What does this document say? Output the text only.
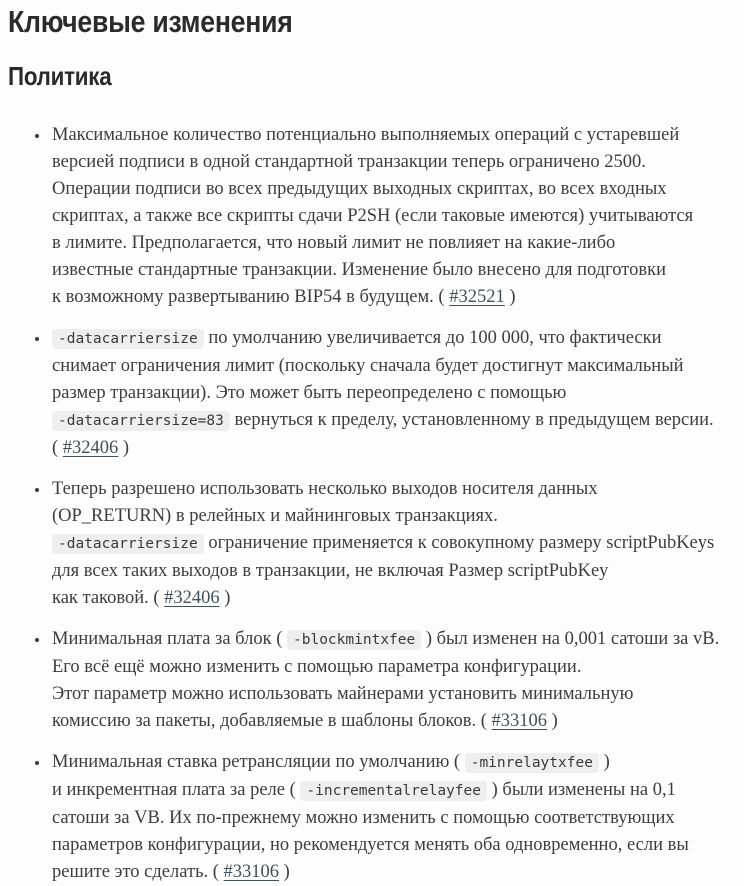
Ключевые изменения
Политика
• Максимальное количество потенциально выполняемых операций с устаревшей
версией подписи в одной стандартной транзакции теперь ограничено 2500.
Операции подписи во всех предыдущих выходных скриптах, во всех входных
скриптах, а также все скрипты сдачи P2SH (если таковые имеются) учитываются
в лимите. Предполагается, что новый лимит не повлияет на какие-либо
известные стандартные транзакции. Изменение было внесено для подготовки
к возможному развертыванию BIP54 в будущем. ( #32521 )
• -datacarriersize по умолчанию увеличивается до 100 000, что фактически
снимает ограничения лимит (поскольку сначала будет достигнут максимальный
размер транзакции). Это может быть переопределено с помощью
-datacarriersize=83 вернуться к пределу, установленному в предыдущем версии.
( #32406 )
• Теперь разрешено использовать несколько выходов носителя данных
(OP_RETURN) в релейных и майнинговых транзакциях.
-datacarriersize ограничение применяется к совокупному размеру scriptPubKeys
для всех таких выходов в транзакции, не включая Размер scriptPubKey
как таковой. ( #32406 )
• Минимальная плата за блок ( -blockmintxfee ) был изменен на 0,001 сатоши за vB.
Его всё ещё можно изменить с помощью параметра конфигурации.
Этот параметр можно использовать майнерами установить минимальную
комиссию за пакеты, добавляемые в шаблоны блоков. ( #33106 )
• Минимальная ставка ретрансляции по умолчанию ( -minrelaytxfee )
и инкрементная плата за реле ( -incrementalrelayfee ) были изменены на 0,1
сатоши за VB. Их по-прежнему можно изменить с помощью соответствующих
параметров конфигурации, но рекомендуется менять оба одновременно, если вы
решите это сделать. ( #33106 )
